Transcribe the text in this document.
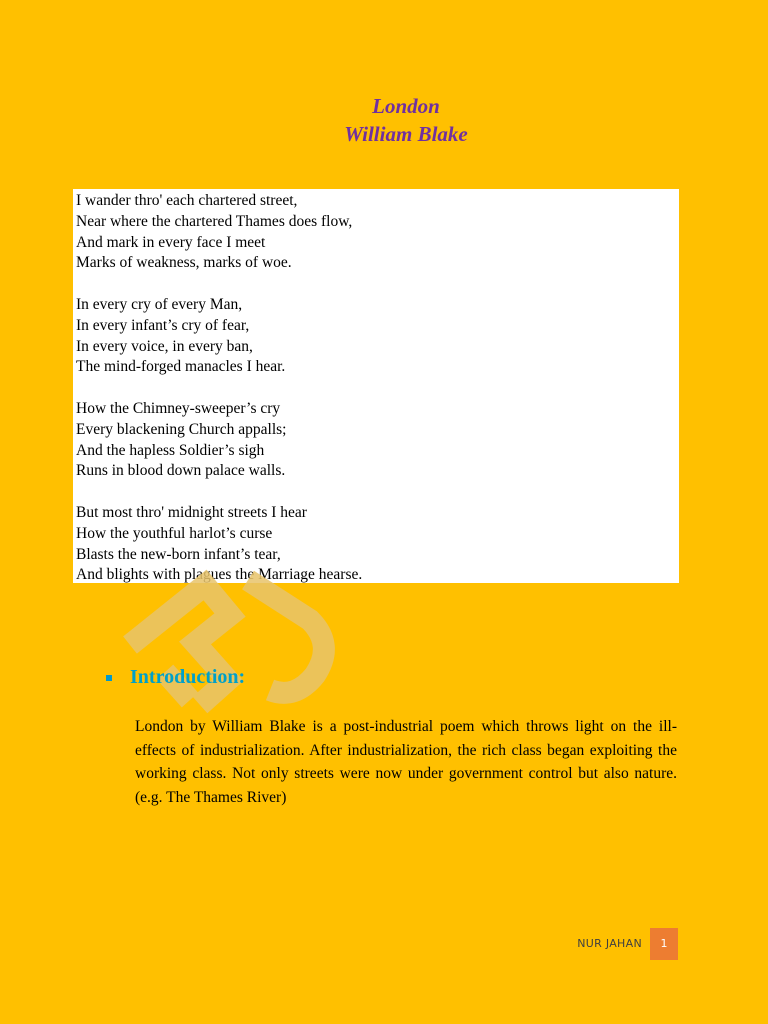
London
William Blake
I wander thro' each chartered street,
Near where the chartered Thames does flow,
And mark in every face I meet
Marks of weakness, marks of woe.
In every cry of every Man,
In every infant’s cry of fear,
In every voice, in every ban,
The mind-forged manacles I hear.
How the Chimney-sweeper’s cry
Every blackening Church appalls;
And the hapless Soldier’s sigh
Runs in blood down palace walls.
But most thro' midnight streets I hear
How the youthful harlot’s curse
Blasts the new-born infant’s tear,
And blights with plagues the Marriage hearse.
Introduction:
London by William Blake is a post-industrial poem which throws light on the ill-effects of industrialization. After industrialization, the rich class began exploiting the working class. Not only streets were now under government control but also nature. (e.g. The Thames River)
NUR JAHAN	1
